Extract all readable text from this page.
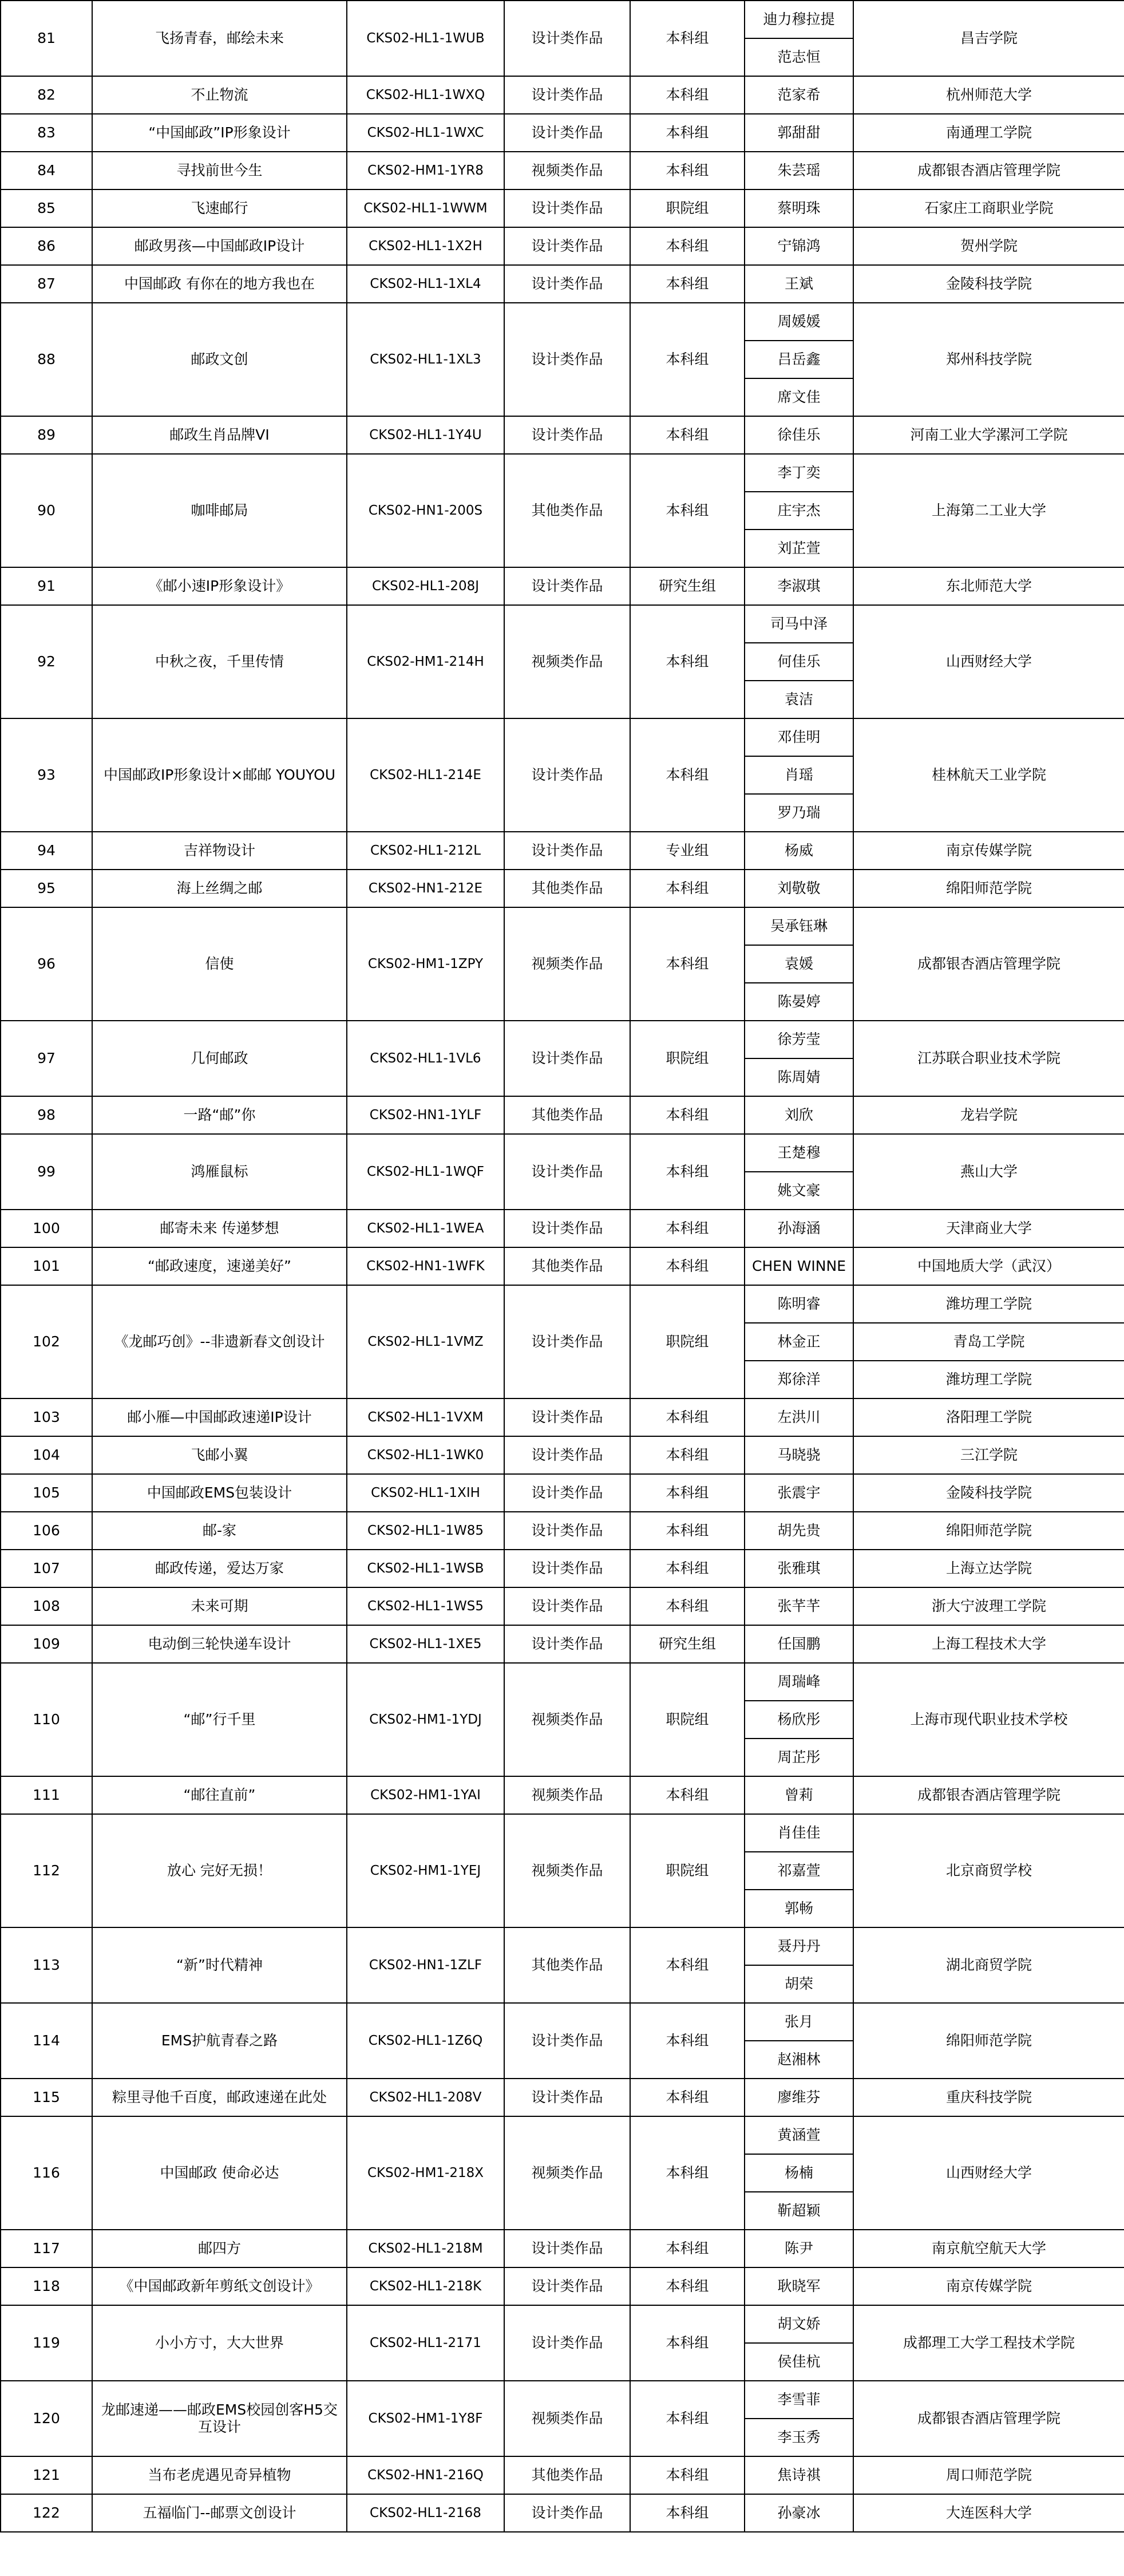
81	飞扬青春，邮绘未来	CKS02-HL1-1WUB	设计类作品	本科组	迪力穆拉提	昌吉学院
					范志恒	
82	不止物流	CKS02-HL1-1WXQ	设计类作品	本科组	范家希	杭州师范大学
83	“中国邮政”IP形象设计	CKS02-HL1-1WXC	设计类作品	本科组	郭甜甜	南通理工学院
84	寻找前世今生	CKS02-HM1-1YR8	视频类作品	本科组	朱芸瑶	成都银杏酒店管理学院
85	飞速邮行	CKS02-HL1-1WWM	设计类作品	职院组	蔡明珠	石家庄工商职业学院
86	邮政男孩—中国邮政IP设计	CKS02-HL1-1X2H	设计类作品	本科组	宁锦鸿	贺州学院
87	中国邮政 有你在的地方我也在	CKS02-HL1-1XL4	设计类作品	本科组	王斌	金陵科技学院
88	邮政文创	CKS02-HL1-1XL3	设计类作品	本科组	周媛媛	郑州科技学院
					吕岳鑫	
					席文佳	
89	邮政生肖品牌VI	CKS02-HL1-1Y4U	设计类作品	本科组	徐佳乐	河南工业大学漯河工学院
90	咖啡邮局	CKS02-HN1-200S	其他类作品	本科组	李丁奕	上海第二工业大学
					庄宇杰	
					刘芷萱	
91	《邮小速IP形象设计》	CKS02-HL1-208J	设计类作品	研究生组	李淑琪	东北师范大学
92	中秋之夜，千里传情	CKS02-HM1-214H	视频类作品	本科组	司马中泽	山西财经大学
					何佳乐	
					袁洁	
93	中国邮政IP形象设计×邮邮 YOUYOU	CKS02-HL1-214E	设计类作品	本科组	邓佳明	桂林航天工业学院
					肖瑶	
					罗乃瑞	
94	吉祥物设计	CKS02-HL1-212L	设计类作品	专业组	杨威	南京传媒学院
95	海上丝绸之邮	CKS02-HN1-212E	其他类作品	本科组	刘敬敬	绵阳师范学院
96	信使	CKS02-HM1-1ZPY	视频类作品	本科组	吴承钰琳	成都银杏酒店管理学院
					袁媛	
					陈晏婷	
97	几何邮政	CKS02-HL1-1VL6	设计类作品	职院组	徐芳莹	江苏联合职业技术学院
					陈周婧	
98	一路“邮”你	CKS02-HN1-1YLF	其他类作品	本科组	刘欣	龙岩学院
99	鸿雁鼠标	CKS02-HL1-1WQF	设计类作品	本科组	王楚穆	燕山大学
					姚文豪	
100	邮寄未来 传递梦想	CKS02-HL1-1WEA	设计类作品	本科组	孙海涵	天津商业大学
101	“邮政速度，速递美好”	CKS02-HN1-1WFK	其他类作品	本科组	CHEN WINNE	中国地质大学（武汉）
102	《龙邮巧创》--非遗新春文创设计	CKS02-HL1-1VMZ	设计类作品	职院组	陈明睿	潍坊理工学院
					林金正	青岛工学院
					郑徐洋	潍坊理工学院
103	邮小雁—中国邮政速递IP设计	CKS02-HL1-1VXM	设计类作品	本科组	左洪川	洛阳理工学院
104	飞邮小翼	CKS02-HL1-1WK0	设计类作品	本科组	马晓骁	三江学院
105	中国邮政EMS包装设计	CKS02-HL1-1XIH	设计类作品	本科组	张震宇	金陵科技学院
106	邮-家	CKS02-HL1-1W85	设计类作品	本科组	胡先贵	绵阳师范学院
107	邮政传递，爱达万家	CKS02-HL1-1WSB	设计类作品	本科组	张雅琪	上海立达学院
108	未来可期	CKS02-HL1-1WS5	设计类作品	本科组	张芊芊	浙大宁波理工学院
109	电动倒三轮快递车设计	CKS02-HL1-1XE5	设计类作品	研究生组	任国鹏	上海工程技术大学
110	“邮”行千里	CKS02-HM1-1YDJ	视频类作品	职院组	周瑞峰	上海市现代职业技术学校
					杨欣彤	
					周芷彤	
111	“邮往直前”	CKS02-HM1-1YAI	视频类作品	本科组	曾莉	成都银杏酒店管理学院
112	放心 完好无损！	CKS02-HM1-1YEJ	视频类作品	职院组	肖佳佳	北京商贸学校
					祁嘉萱	
					郭畅	
113	“新”时代精神	CKS02-HN1-1ZLF	其他类作品	本科组	聂丹丹	湖北商贸学院
					胡荣	
114	EMS护航青春之路	CKS02-HL1-1Z6Q	设计类作品	本科组	张月	绵阳师范学院
					赵湘林	
115	粽里寻他千百度，邮政速递在此处	CKS02-HL1-208V	设计类作品	本科组	廖维芬	重庆科技学院
116	中国邮政 使命必达	CKS02-HM1-218X	视频类作品	本科组	黄涵萱	山西财经大学
					杨楠	
					靳超颖	
117	邮四方	CKS02-HL1-218M	设计类作品	本科组	陈尹	南京航空航天大学
118	《中国邮政新年剪纸文创设计》	CKS02-HL1-218K	设计类作品	本科组	耿晓军	南京传媒学院
119	小小方寸，大大世界	CKS02-HL1-2171	设计类作品	本科组	胡文娇	成都理工大学工程技术学院
					侯佳杭	
120	龙邮速递——邮政EMS校园创客H5交互设计	CKS02-HM1-1Y8F	视频类作品	本科组	李雪菲	成都银杏酒店管理学院
					李玉秀	
121	当布老虎遇见奇异植物	CKS02-HN1-216Q	其他类作品	本科组	焦诗祺	周口师范学院
122	五福临门--邮票文创设计	CKS02-HL1-2168	设计类作品	本科组	孙豪冰	大连医科大学
